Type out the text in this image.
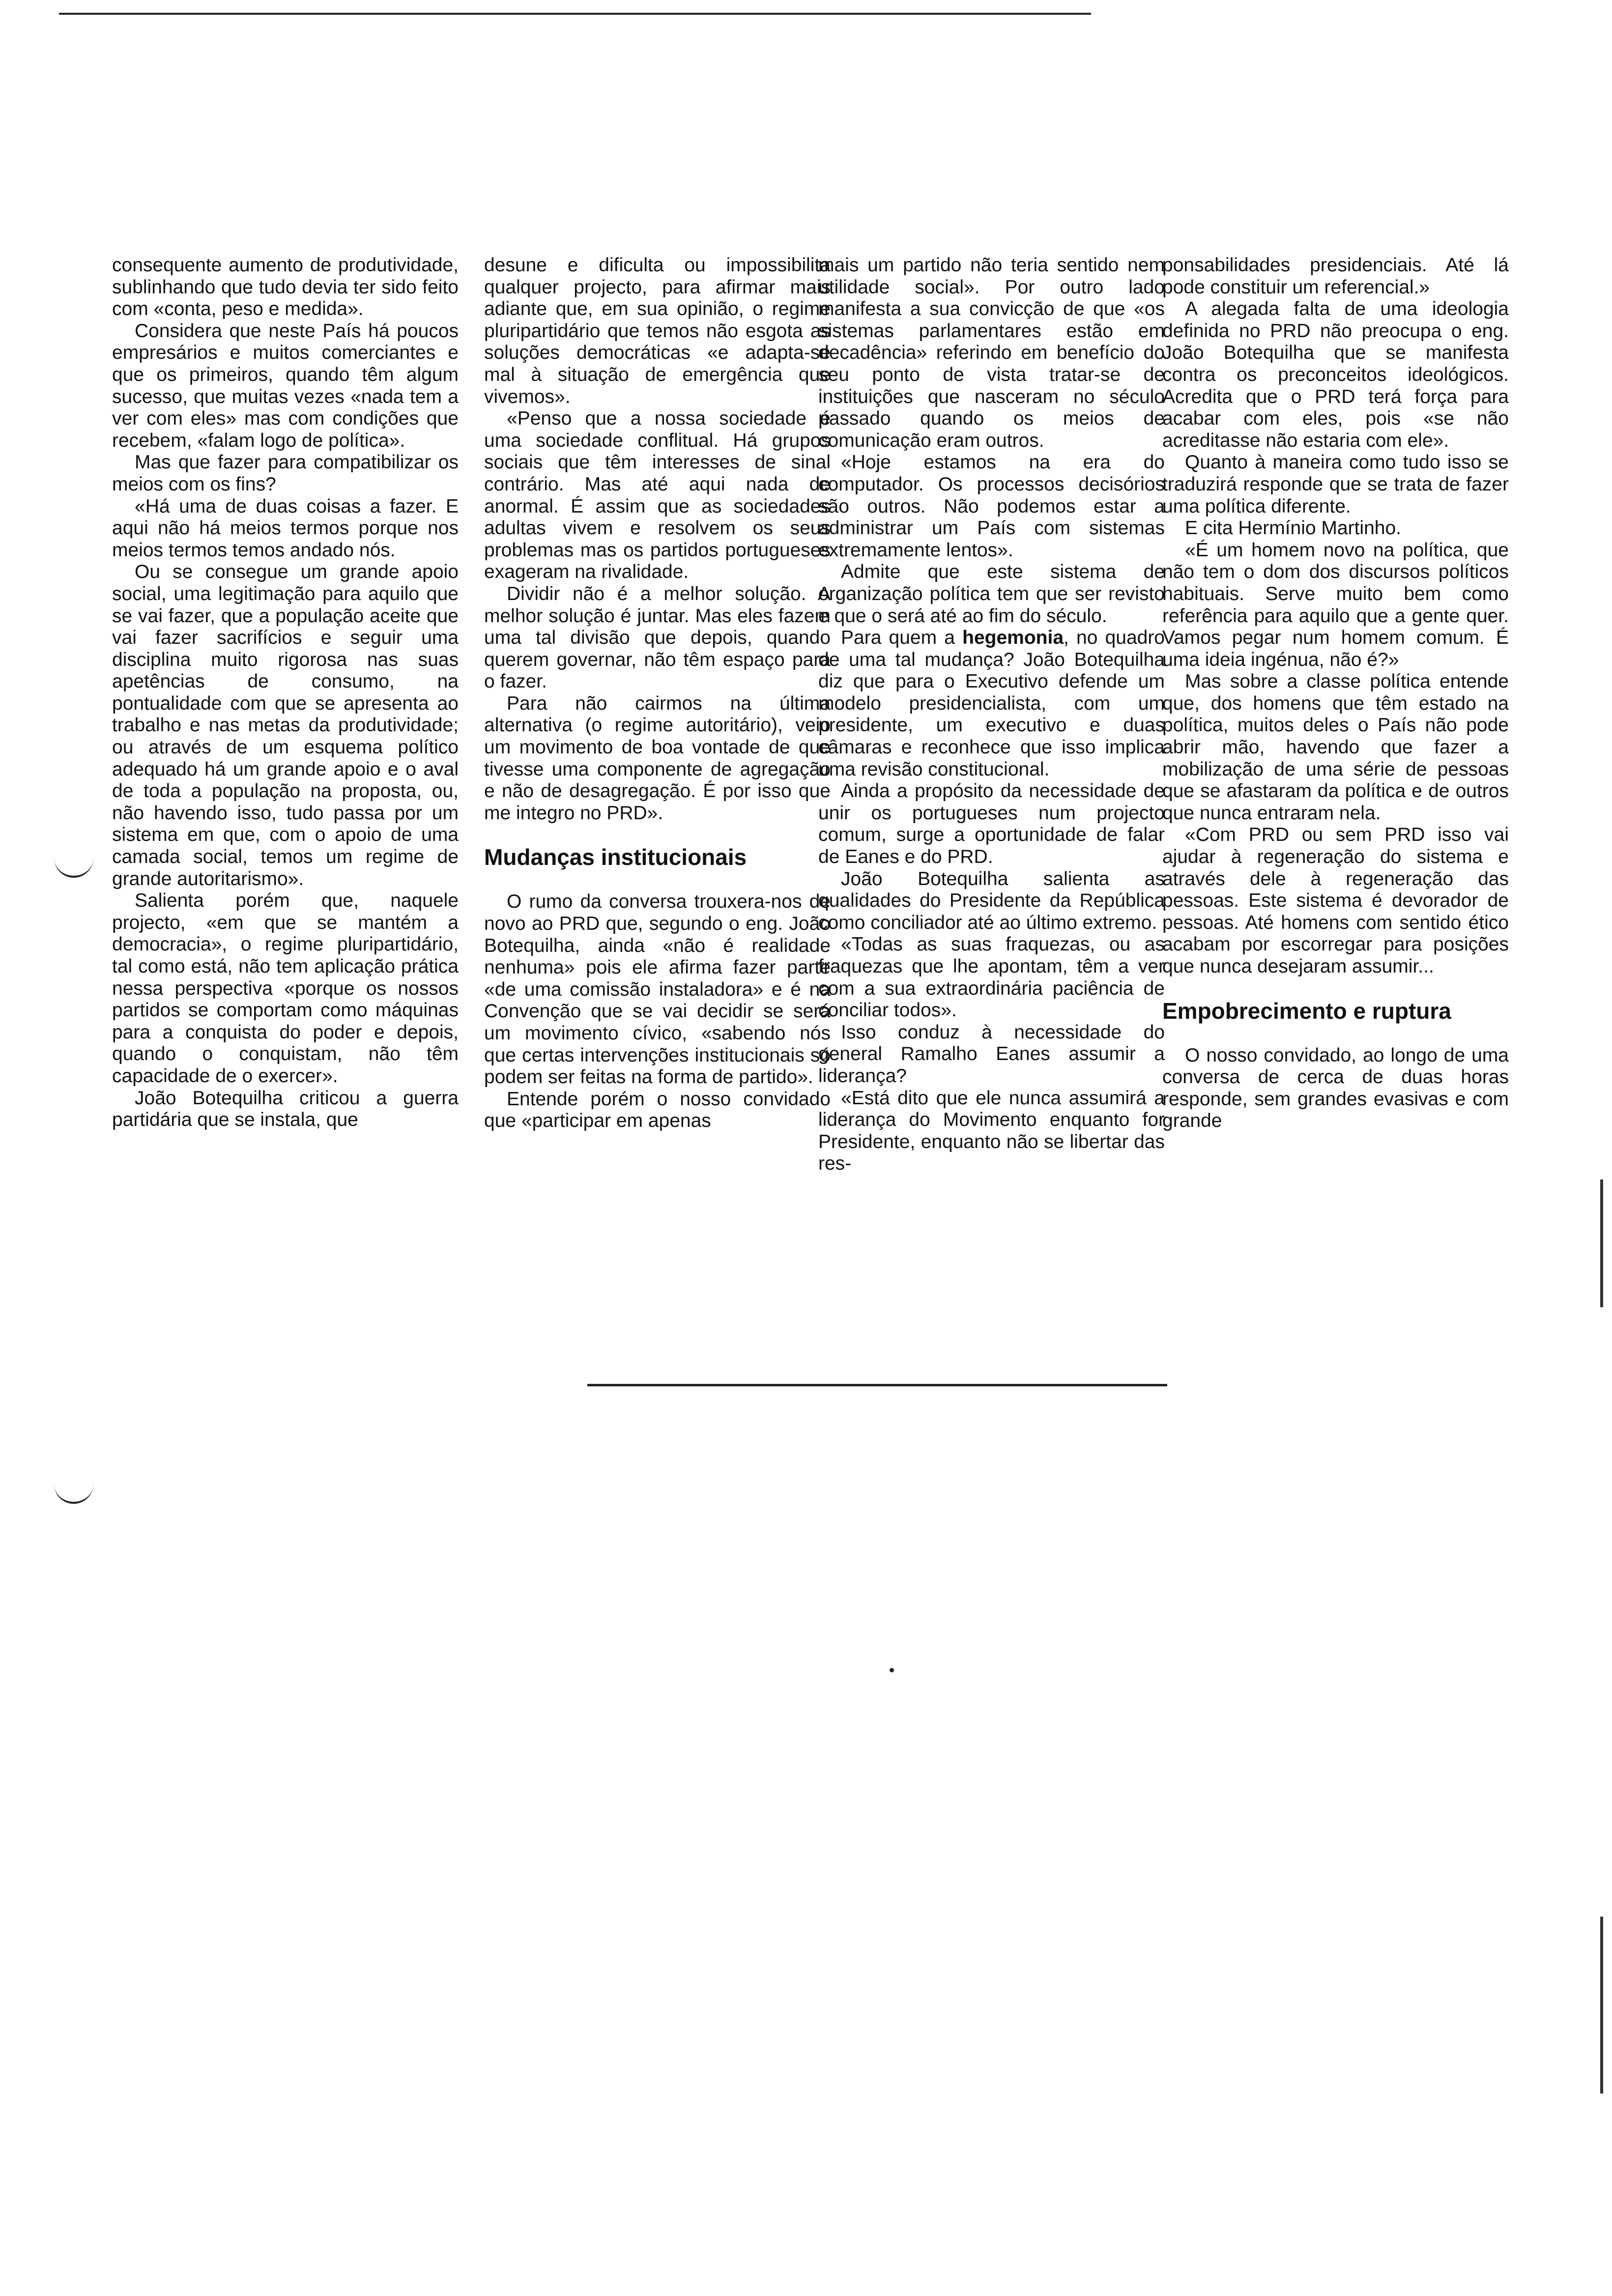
consequente aumento de produtividade, sublinhando que tudo devia ter sido feito com «conta, peso e medida».

Considera que neste País há poucos empresários e muitos comerciantes e que os primeiros, quando têm algum sucesso, que muitas vezes «nada tem a ver com eles» mas com condições que recebem, «falam logo de política».

Mas que fazer para compatibilizar os meios com os fins?

«Há uma de duas coisas a fazer. E aqui não há meios termos porque nos meios termos temos andado nós.

Ou se consegue um grande apoio social, uma legitimação para aquilo que se vai fazer, que a população aceite que vai fazer sacrifícios e seguir uma disciplina muito rigorosa nas suas apetências de consumo, na pontualidade com que se apresenta ao trabalho e nas metas da produtividade; ou através de um esquema político adequado há um grande apoio e o aval de toda a população na proposta, ou, não havendo isso, tudo passa por um sistema em que, com o apoio de uma camada social, temos um regime de grande autoritarismo».

Salienta porém que, naquele projecto, «em que se mantém a democracia», o regime pluripartidário, tal como está, não tem aplicação prática nessa perspectiva «porque os nossos partidos se comportam como máquinas para a conquista do poder e depois, quando o conquistam, não têm capacidade de o exercer».

João Botequilha criticou a guerra partidária que se instala, que

desune e dificulta ou impossibilita qualquer projecto, para afirmar mais adiante que, em sua opinião, o regime pluripartidário que temos não esgota as soluções democráticas «e adapta-se mal à situação de emergência que vivemos».

«Penso que a nossa sociedade é uma sociedade conflitual. Há grupos sociais que têm interesses de sinal contrário. Mas até aqui nada de anormal. É assim que as sociedades adultas vivem e resolvem os seus problemas mas os partidos portugueses exageram na rivalidade.

Dividir não é a melhor solução. A melhor solução é juntar. Mas eles fazem uma tal divisão que depois, quando querem governar, não têm espaço para o fazer.

Para não cairmos na última alternativa (o regime autoritário), veio um movimento de boa vontade de que tivesse uma componente de agregação e não de desagregação. É por isso que me integro no PRD».

Mudanças institucionais

O rumo da conversa trouxera-nos de novo ao PRD que, segundo o eng. João Botequilha, ainda «não é realidade nenhuma» pois ele afirma fazer parte «de uma comissão instaladora» e é na Convenção que se vai decidir se será um movimento cívico, «sabendo nós que certas intervenções institucionais só podem ser feitas na forma de partido».

Entende porém o nosso convidado que «participar em apenas

mais um partido não teria sentido nem utilidade social». Por outro lado manifesta a sua convicção de que «os sistemas parlamentares estão em decadência» referindo em benefício do seu ponto de vista tratar-se de instituições que nasceram no século passado quando os meios de comunicação eram outros.

«Hoje estamos na era do computador. Os processos decisórios são outros. Não podemos estar a administrar um País com sistemas extremamente lentos».

Admite que este sistema de organização política tem que ser revisto e que o será até ao fim do século.

Para quem a hegemonia, no quadro de uma tal mudança? João Botequilha diz que para o Executivo defende um modelo presidencialista, com um presidente, um executivo e duas câmaras e reconhece que isso implica uma revisão constitucional.

Ainda a propósito da necessidade de unir os portugueses num projecto comum, surge a oportunidade de falar de Eanes e do PRD.

João Botequilha salienta as qualidades do Presidente da República como conciliador até ao último extremo.

«Todas as suas fraquezas, ou as fraquezas que lhe apontam, têm a ver com a sua extraordinária paciência de conciliar todos».

Isso conduz à necessidade do general Ramalho Eanes assumir a liderança?

«Está dito que ele nunca assumirá a liderança do Movimento enquanto for Presidente, enquanto não se libertar das res-

ponsabilidades presidenciais. Até lá pode constituir um referencial.»

A alegada falta de uma ideologia definida no PRD não preocupa o eng. João Botequilha que se manifesta contra os preconceitos ideológicos. Acredita que o PRD terá força para acabar com eles, pois «se não acreditasse não estaria com ele».

Quanto à maneira como tudo isso se traduzirá responde que se trata de fazer uma política diferente.

E cita Hermínio Martinho.

«É um homem novo na política, que não tem o dom dos discursos políticos habituais. Serve muito bem como referência para aquilo que a gente quer. Vamos pegar num homem comum. É uma ideia ingénua, não é?»

Mas sobre a classe política entende que, dos homens que têm estado na política, muitos deles o País não pode abrir mão, havendo que fazer a mobilização de uma série de pessoas que se afastaram da política e de outros que nunca entraram nela.

«Com PRD ou sem PRD isso vai ajudar à regeneração do sistema e através dele à regeneração das pessoas. Este sistema é devorador de pessoas. Até homens com sentido ético acabam por escorregar para posições que nunca desejaram assumir...

Empobrecimento e ruptura

O nosso convidado, ao longo de uma conversa de cerca de duas horas responde, sem grandes evasivas e com grande
